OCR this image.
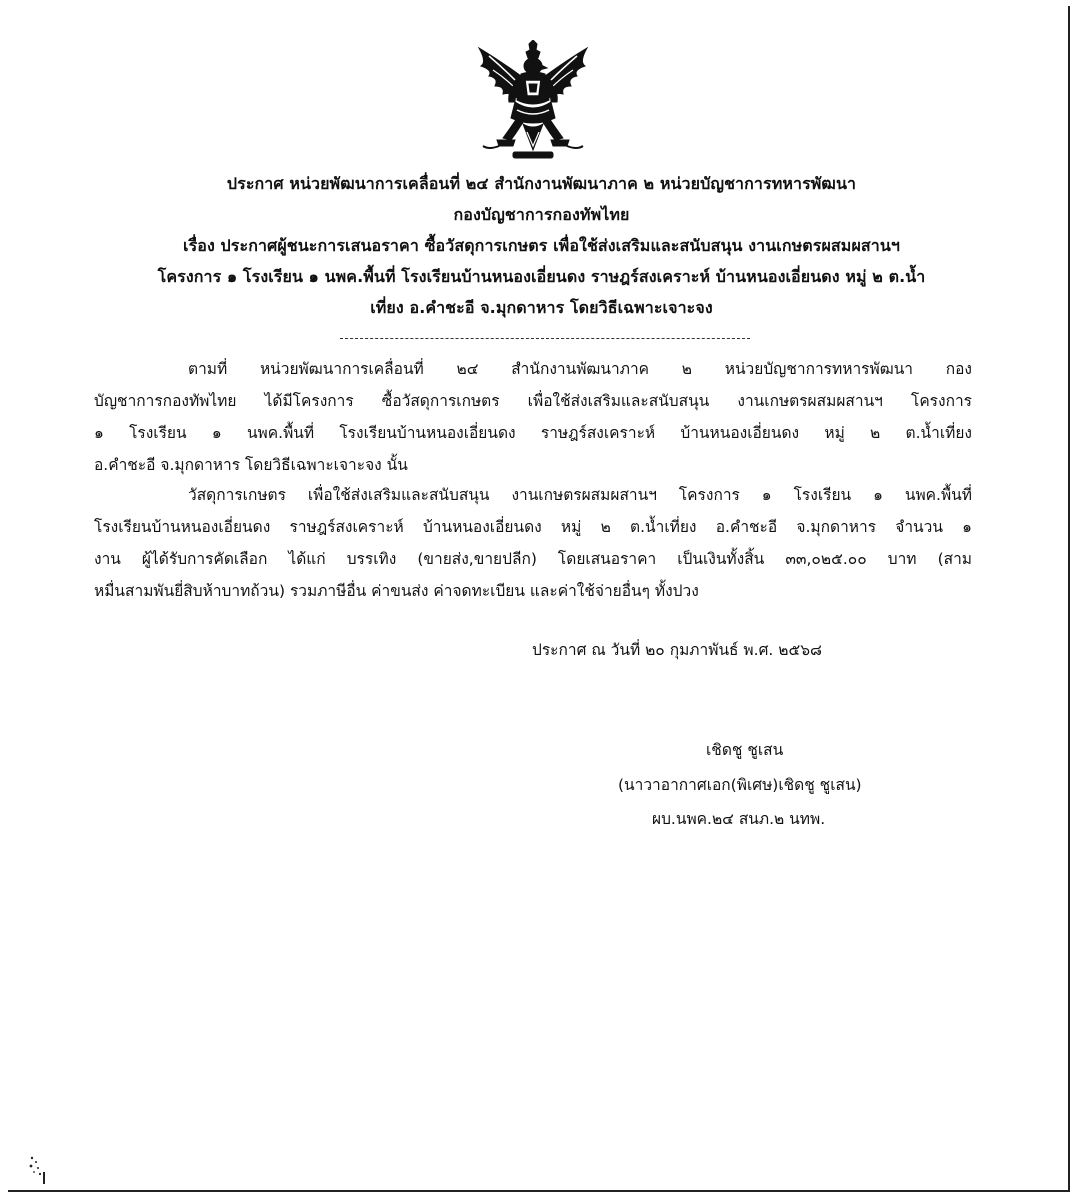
ประกาศ หน่วยพัฒนาการเคลื่อนที่ ๒๔ สำนักงานพัฒนาภาค ๒ หน่วยบัญชาการทหารพัฒนา
กองบัญชาการกองทัพไทย
เรื่อง ประกาศผู้ชนะการเสนอราคา ซื้อวัสดุการเกษตร เพื่อใช้ส่งเสริมและสนับสนุน งานเกษตรผสมผสานฯ
โครงการ ๑ โรงเรียน ๑ นพค.พื้นที่ โรงเรียนบ้านหนองเอี่ยนดง ราษฎร์สงเคราะห์ บ้านหนองเอี่ยนดง หมู่ ๒ ต.น้ำ
เที่ยง อ.คำชะอี จ.มุกดาหาร โดยวิธีเฉพาะเจาะจง
ตามที่ หน่วยพัฒนาการเคลื่อนที่ ๒๔ สำนักงานพัฒนาภาค ๒ หน่วยบัญชาการทหารพัฒนา กอง
บัญชาการกองทัพไทย ได้มีโครงการ ซื้อวัสดุการเกษตร เพื่อใช้ส่งเสริมและสนับสนุน งานเกษตรผสมผสานฯ โครงการ
๑ โรงเรียน ๑ นพค.พื้นที่ โรงเรียนบ้านหนองเอี่ยนดง ราษฎร์สงเคราะห์ บ้านหนองเอี่ยนดง หมู่ ๒ ต.น้ำเที่ยง
อ.คำชะอี จ.มุกดาหาร โดยวิธีเฉพาะเจาะจง นั้น
วัสดุการเกษตร เพื่อใช้ส่งเสริมและสนับสนุน งานเกษตรผสมผสานฯ โครงการ ๑ โรงเรียน ๑ นพค.พื้นที่
โรงเรียนบ้านหนองเอี่ยนดง ราษฎร์สงเคราะห์ บ้านหนองเอี่ยนดง หมู่ ๒ ต.น้ำเที่ยง อ.คำชะอี จ.มุกดาหาร จำนวน ๑
งาน ผู้ได้รับการคัดเลือก ได้แก่ บรรเทิง (ขายส่ง,ขายปลีก) โดยเสนอราคา เป็นเงินทั้งสิ้น ๓๓,๐๒๕.๐๐ บาท (สาม
หมื่นสามพันยี่สิบห้าบาทถ้วน) รวมภาษีอื่น ค่าขนส่ง ค่าจดทะเบียน และค่าใช้จ่ายอื่นๆ ทั้งปวง
ประกาศ ณ วันที่ ๒๐ กุมภาพันธ์ พ.ศ. ๒๕๖๘
เชิดชู ชูเสน
(นาวาอากาศเอก(พิเศษ)เชิดชู ชูเสน)
ผบ.นพค.๒๔ สนภ.๒ นทพ.
